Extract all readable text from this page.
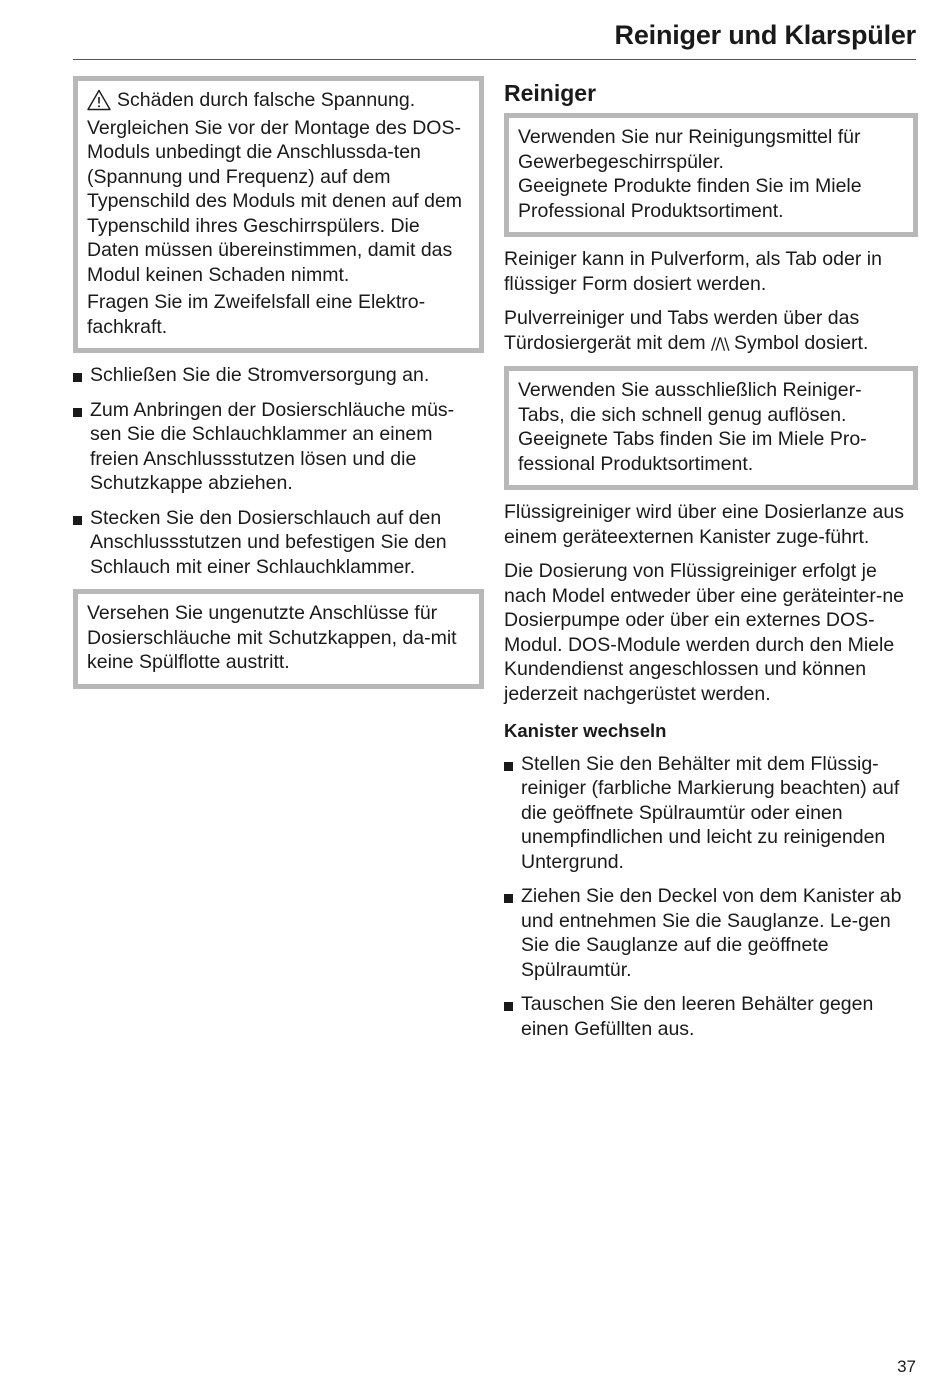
Reiniger und Klarspüler

Schäden durch falsche Spannung.

Vergleichen Sie vor der Montage des DOS-Moduls unbedingt die Anschlussda-ten (Spannung und Frequenz) auf dem Typenschild des Moduls mit denen auf dem Typenschild ihres Geschirrspülers. Die Daten müssen übereinstimmen, damit das Modul keinen Schaden nimmt.

Fragen Sie im Zweifelsfall eine Elektro-fachkraft.

Schließen Sie die Stromversorgung an.
Zum Anbringen der Dosierschläuche müs-sen Sie die Schlauchklammer an einem freien Anschlussstutzen lösen und die Schutzkappe abziehen.
Stecken Sie den Dosierschlauch auf den Anschlussstutzen und befestigen Sie den Schlauch mit einer Schlauchklammer.

Versehen Sie ungenutzte Anschlüsse für Dosierschläuche mit Schutzkappen, da-mit keine Spülflotte austritt.

Reiniger

Verwenden Sie nur Reinigungsmittel für Gewerbegeschirrspüler.

Geeignete Produkte finden Sie im Miele Professional Produktsortiment.

Reiniger kann in Pulverform, als Tab oder in flüssiger Form dosiert werden.

Pulverreiniger und Tabs werden über das Türdosiergerät mit dem /∕\\ Symbol dosiert.

Verwenden Sie ausschließlich Reiniger-Tabs, die sich schnell genug auflösen. Geeignete Tabs finden Sie im Miele Pro-fessional Produktsortiment.

Flüssigreiniger wird über eine Dosierlanze aus einem geräteexternen Kanister zuge-führt.

Die Dosierung von Flüssigreiniger erfolgt je nach Model entweder über eine geräteinter-ne Dosierpumpe oder über ein externes DOS-Modul. DOS-Module werden durch den Miele Kundendienst angeschlossen und können jederzeit nachgerüstet werden.

Kanister wechseln
Stellen Sie den Behälter mit dem Flüssig-reiniger (farbliche Markierung beachten) auf die geöffnete Spülraumtür oder einen unempfindlichen und leicht zu reinigenden Untergrund.
Ziehen Sie den Deckel von dem Kanister ab und entnehmen Sie die Sauglanze. Le-gen Sie die Sauglanze auf die geöffnete Spülraumtür.
Tauschen Sie den leeren Behälter gegen einen Gefüllten aus.
37
